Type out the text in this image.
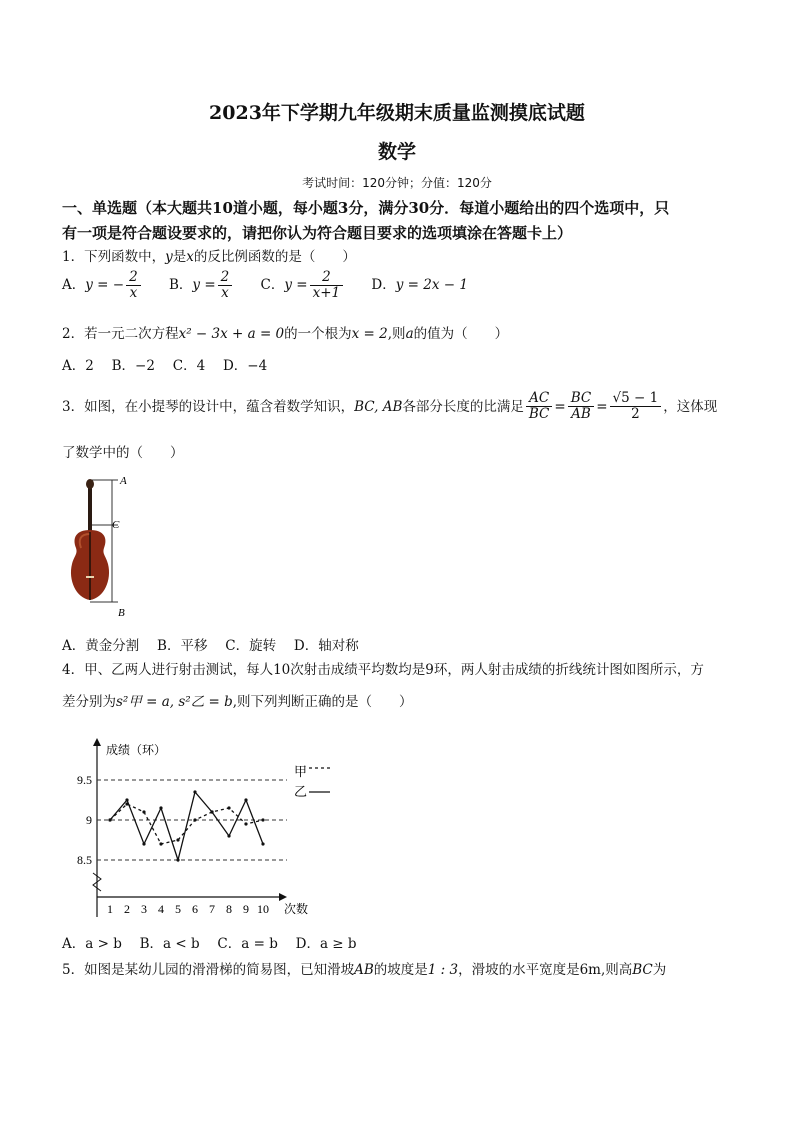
2023年下学期九年级期末质量监测摸底试题
数学
考试时间：120分钟；分值：120分
一、单选题（本大题共10道小题，每小题3分，满分30分．每道小题给出的四个选项中，只
有一项是符合题设要求的，请把你认为符合题目要求的选项填涂在答题卡上）
1．下列函数中，y是x的反比例函数的是（　　）
A．y = − $\frac{2}{x}$ B．$y = \frac{2}{x}$ C．$y = \frac{2}{x+1}$ D．y = 2x − 1
2．若一元二次方程x² − 3x + a = 0的一个根为x = 2,则a的值为（　　）
A．2　 B．−2　 C．4　 D．−4
3．如图，在小提琴的设计中，蕴含着数学知识， BC, AB 各部分长度的比满足 $\frac{AC}{BC} = \frac{BC}{AB} = \frac{√5 - 1}{2}$ ，这体现
了数学中的（　　）
A
C
B
A．黄金分割　 B．平移　 C．旋转　 D．轴对称
4．甲、乙两人进行射击测试，每人10次射击成绩平均数均是9环，两人射击成绩的折线统计图如图所示，方
差分别为s²甲 = a, s²乙 = b,则下列判断正确的是（　　）
成绩（环）
次数
9.5
9
8.5
1 2 3 4 5 6 7 8 9 10
甲
乙
A．a > b　 B．a < b　 C．a = b　 D．a ≥ b
5．如图是某幼儿园的滑滑梯的简易图，已知滑坡AB的坡度是1 : 3，滑坡的水平宽度是6m,则高BC为
